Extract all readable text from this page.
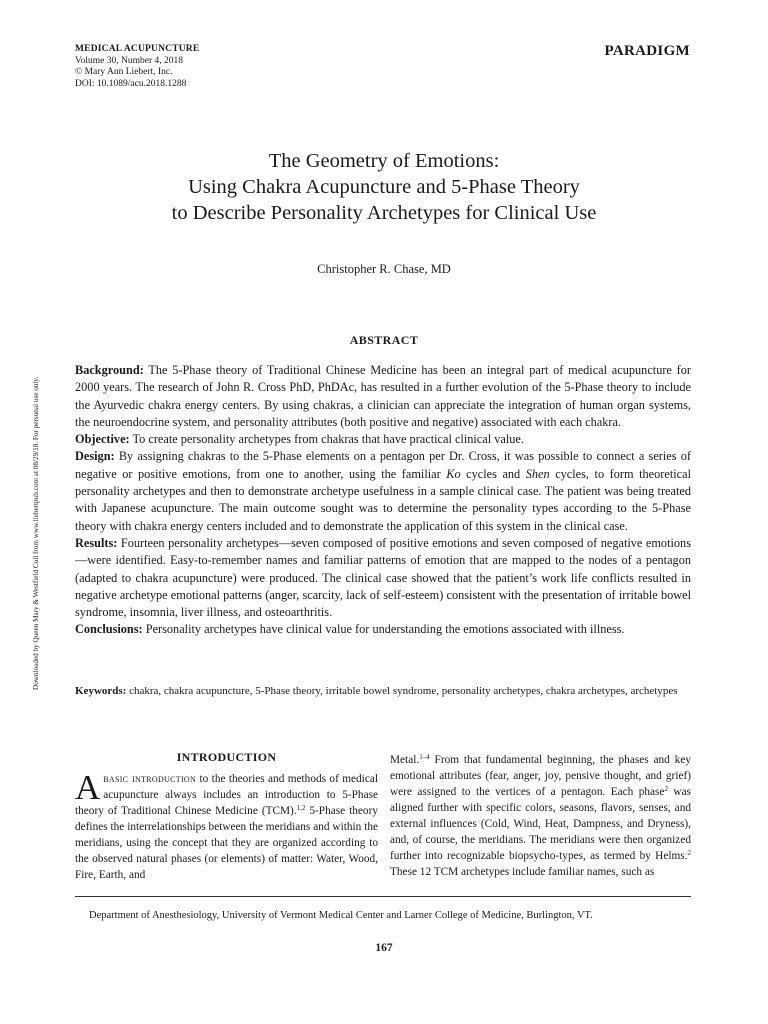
MEDICAL ACUPUNCTURE
Volume 30, Number 4, 2018
© Mary Ann Liebert, Inc.
DOI: 10.1089/acu.2018.1288
PARADIGM
Downloaded by Queen Mary & Westfield Coll from www.liebertpub.com at 08/29/18. For personal use only.
The Geometry of Emotions:
Using Chakra Acupuncture and 5-Phase Theory
to Describe Personality Archetypes for Clinical Use
Christopher R. Chase, MD
ABSTRACT

Background: The 5-Phase theory of Traditional Chinese Medicine has been an integral part of medical acupuncture for 2000 years. The research of John R. Cross PhD, PhDAc, has resulted in a further evolution of the 5-Phase theory to include the Ayurvedic chakra energy centers. By using chakras, a clinician can appreciate the integration of human organ systems, the neuroendocrine system, and personality attributes (both positive and negative) associated with each chakra.

Objective: To create personality archetypes from chakras that have practical clinical value.

Design: By assigning chakras to the 5-Phase elements on a pentagon per Dr. Cross, it was possible to connect a series of negative or positive emotions, from one to another, using the familiar Ko cycles and Shen cycles, to form theoretical personality archetypes and then to demonstrate archetype usefulness in a sample clinical case. The patient was being treated with Japanese acupuncture. The main outcome sought was to determine the personality types according to the 5-Phase theory with chakra energy centers included and to demonstrate the application of this system in the clinical case.

Results: Fourteen personality archetypes—seven composed of positive emotions and seven composed of negative emotions—were identified. Easy-to-remember names and familiar patterns of emotion that are mapped to the nodes of a pentagon (adapted to chakra acupuncture) were produced. The clinical case showed that the patient’s work life conflicts resulted in negative archetype emotional patterns (anger, scarcity, lack of self-esteem) consistent with the presentation of irritable bowel syndrome, insomnia, liver illness, and osteoarthritis.

Conclusions: Personality archetypes have clinical value for understanding the emotions associated with illness.

Keywords: chakra, chakra acupuncture, 5-Phase theory, irritable bowel syndrome, personality archetypes, chakra archetypes, archetypes
INTRODUCTION
Abasic introduction to the theories and methods of medical acupuncture always includes an introduction to 5-Phase theory of Traditional Chinese Medicine (TCM).$^{1,2}$ 5-Phase theory defines the interrelationships between the meridians and within the meridians, using the concept that they are organized according to the observed natural phases (or elements) of matter: Water, Wood, Fire, Earth, and
Metal.$^{1-4}$ From that fundamental beginning, the phases and key emotional attributes (fear, anger, joy, pensive thought, and grief) were assigned to the vertices of a pentagon. Each phase$^2$ was aligned further with specific colors, seasons, flavors, senses, and external influences (Cold, Wind, Heat, Dampness, and Dryness), and, of course, the meridians. The meridians were then organized further into recognizable biopsycho-types, as termed by Helms.$^2$ These 12 TCM archetypes include familiar names, such as
Department of Anesthesiology, University of Vermont Medical Center and Larner College of Medicine, Burlington, VT.
167
